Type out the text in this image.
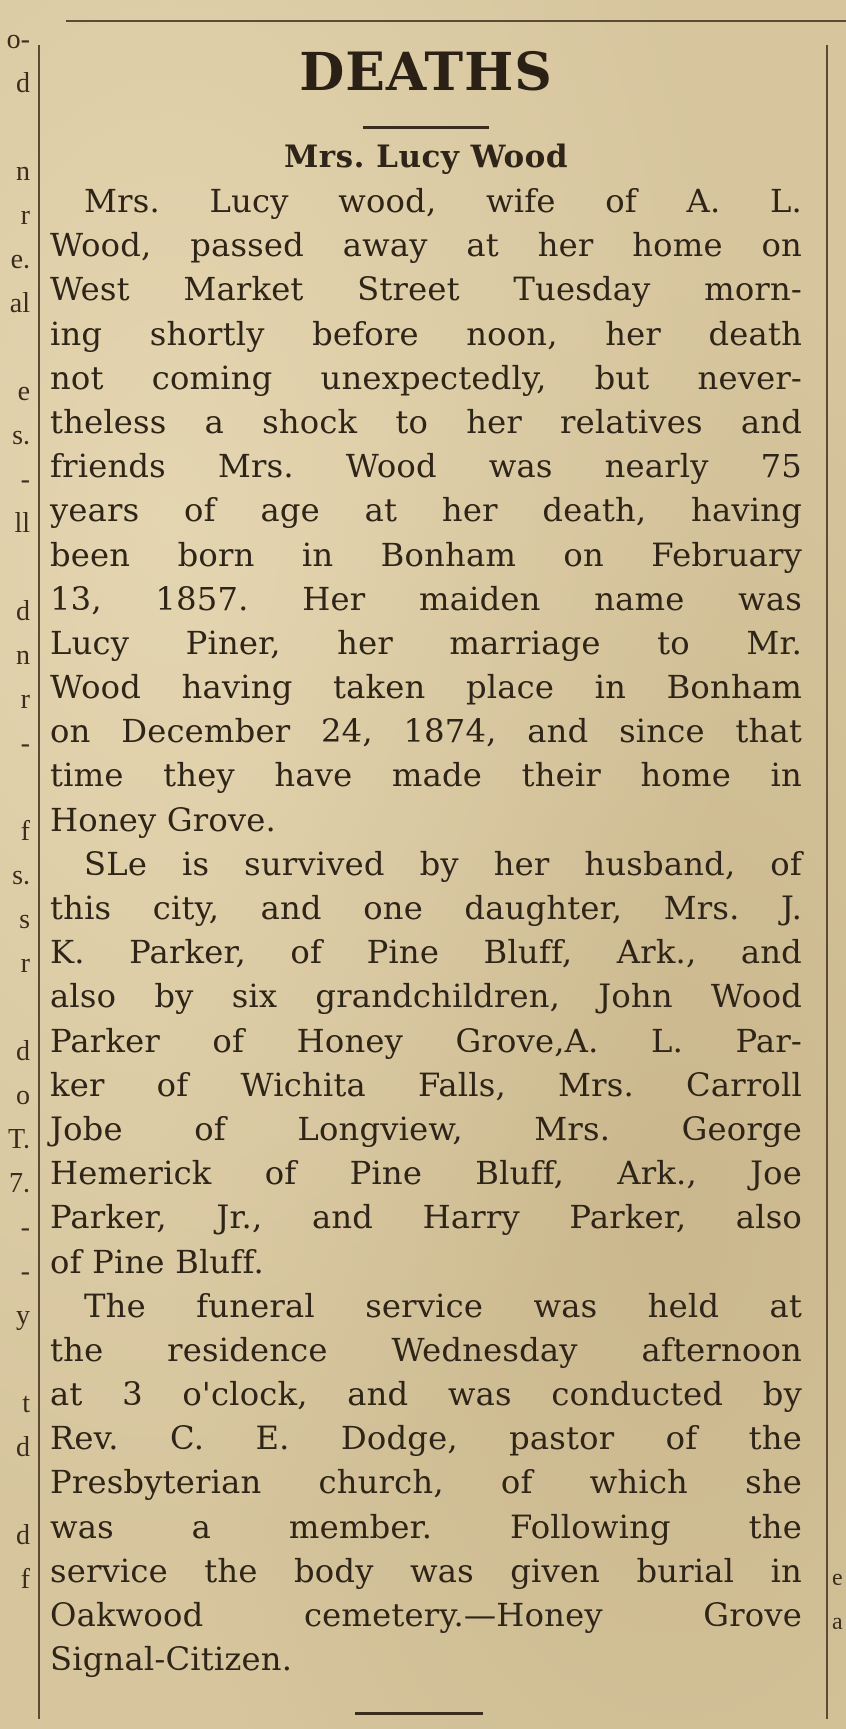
o-
d
n
r
e.
al
e
s.
-
ll
d
n
r
-
f
s.
s
r
d
o
T.
7.
-
-
y
t
d
d
f	e
a
DEATHS
Mrs. Lucy Wood
Mrs. Lucy wood, wife of A. L.
Wood, passed away at her home on
West Market Street Tuesday morn-
ing shortly before noon, her death
not coming unexpectedly, but never-
theless a shock to her relatives and
friends Mrs. Wood was nearly 75
years of age at her death, having
been born in Bonham on February
13, 1857. Her maiden name was
Lucy Piner, her marriage to Mr.
Wood having taken place in Bonham
on December 24, 1874, and since that
time they have made their home in
Honey Grove.
SLe is survived by her husband, of
this city, and one daughter, Mrs. J.
K. Parker, of Pine Bluff, Ark., and
also by six grandchildren, John Wood
Parker of Honey Grove,A. L. Par-
ker of Wichita Falls, Mrs. Carroll
Jobe of Longview, Mrs. George
Hemerick of Pine Bluff, Ark., Joe
Parker, Jr., and Harry Parker, also
of Pine Bluff.
The funeral service was held at
the residence Wednesday afternoon
at 3 o'clock, and was conducted by
Rev. C. E. Dodge, pastor of the
Presbyterian church, of which she
was a member. Following the
service the body was given burial in
Oakwood cemetery.—Honey Grove
Signal-Citizen.
